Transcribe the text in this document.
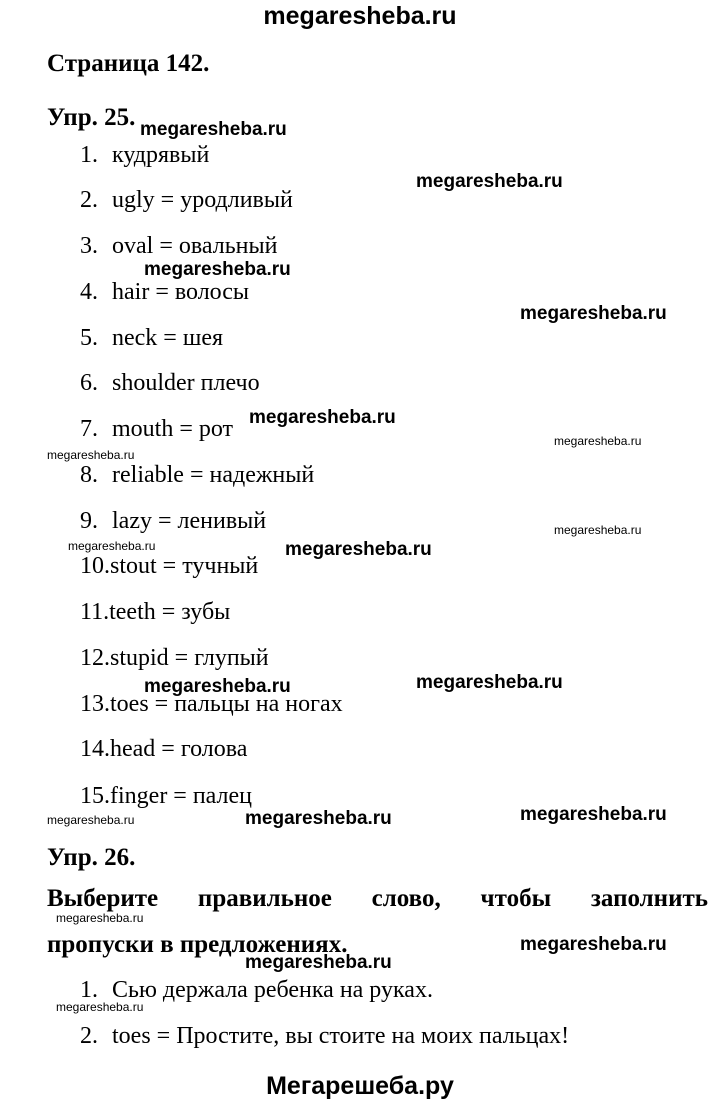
megaresheba.ru
Страница 142.
Упр. 25.
1. кудрявый
2. ugly = уродливый
3. oval = овальный
4. hair = волосы
5. neck = шея
6. shoulder плечо
7. mouth = рот
8. reliable = надежный
9. lazy = ленивый
10.stout = тучный
11.teeth = зубы
12.stupid = глупый
13.toes = пальцы на ногах
14.head = голова
15.finger = палец
Упр. 26.
Выберите правильное слово, чтобы заполнить
пропуски в предложениях.
1. Сью держала ребенка на руках.
2. toes = Простите, вы стоите на моих пальцах!
megaresheba.ru
megaresheba.ru
megaresheba.ru
megaresheba.ru
megaresheba.ru
megaresheba.ru
megaresheba.ru
megaresheba.ru
megaresheba.ru	megaresheba.ru
megaresheba.ru	megaresheba.ru
megaresheba.ru	megaresheba.ru
megaresheba.ru
megaresheba.ru
megaresheba.ru
megaresheba.ru
megaresheba.ru
Мегарешеба.ру
